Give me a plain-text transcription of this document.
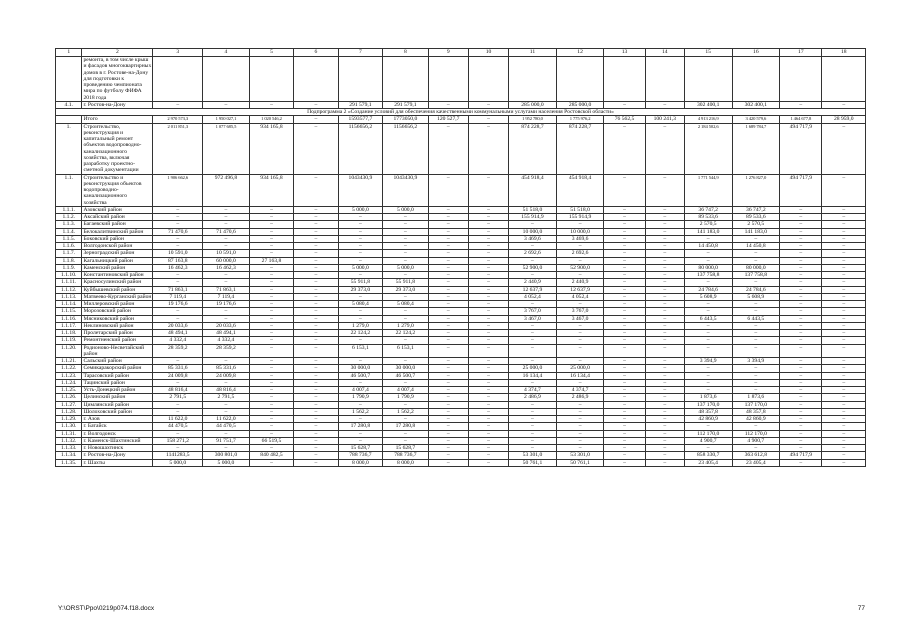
1	2	3	4	5	6	7	8	9	10	11	12	13	14	15	16	17	18
	ремонта, в том числе крыш и фасадов многоквартирных домов в г. Ростове-на-Дону для подготовки к проведению чемпионата мира по футболу ФИФА 2018 года																
4.1.	г. Ростов-на-Дону	–	–	–	–	291 579,1	291 579,1	–	–	285 000,0	285 000,0	–	–	302 400,1	302 400,1	–	–
Подпрограмма 2 «Создание условий для обеспечения качественными коммунальными услугами населения Ростовской области»																	
	Итого	2 970 573,3	1 950 027,1	1 020 546,2	–	1593577,7	1773050,0	120 527,7	–	1 952 780,0	1 775 976,2	76 562,5	100 241,3	4 913 216,9	3 420 579,6	1 464 677,8	28 959,0
1.	Строительство, реконструкция и капитальный ремонт объектов водопроводно-канализационного хозяйства, включая разработку проектно-сметной документации	2 011 851,3	1 077 685,5	934 165,8	–	1156656,2	1156656,2	–	–	874 228,7	874 228,7	–	–	2 184 502,6	1 689 784,7	494 717,9	–
1.1.	Строительство и реконструкция объектов водопроводно-канализационного хозяйства	1 906 662,6	972 496,8	934 165,8	–	1043430,9	1043430,9	–	–	454 918,4	454 918,4	–	–	1 771 544,9	1 276 827,0	494 717,9	–
1.1.1.	Азовский район	–	–	–	–	5 000,0	5 000,0	–	–	51 518,0	51 518,0	–	–	36 747,2	36 747,2	–	–
1.1.2.	Аксайский район	–	–	–	–	–	–	–	–	155 914,9	155 914,9	–	–	89 533,6	89 533,6	–	–
1.1.3.	Багаевский район	–	–	–	–	–	–	–	–	–	–	–	–	2 570,5	2 570,5	–	–
1.1.4.	Белокалитвинский район	71 470,6	71 470,6	–	–	–	–	–	–	10 000,0	10 000,0	–	–	141 183,0	141 183,0	–	–
1.1.5.	Боковский район	–	–	–	–	–	–	–	–	3 469,6	3 469,6	–	–	–	–	–	–
1.1.6.	Волгодонской район	–	–	–	–	–	–	–	–	–	–	–	–	14 450,8	14 450,8	–	–
1.1.7.	Зерноградский район	10 591,0	10 591,0	–	–	–	–	–	–	2 692,6	2 692,6	–	–	–	–	–	–
1.1.8.	Кагальницкий район	87 163,8	60 000,0	27 163,8	–	–	–	–	–	–	–	–	–	–	–	–	–
1.1.9.	Каменский район	16 462,3	16 462,3	–	–	5 000,0	5 000,0	–	–	52 900,0	52 900,0	–	–	80 000,0	80 000,0	–	–
1.1.10.	Константиновский район	–	–	–	–	–	–	–	–	–	–	–	–	137 758,8	137 758,8	–	–
1.1.11.	Красносулинский район	–	–	–	–	55 911,8	55 911,8	–	–	2 440,9	2 440,9	–	–	–	–	–	–
1.1.12.	Куйбышевский район	71 863,1	71 863,1	–	–	29 373,0	29 373,0	–	–	12 637,9	12 637,9	–	–	24 784,6	24 784,6	–	–
1.1.13.	Матвеево-Курганский район	7 119,4	7 119,4	–	–	–	–	–	–	4 052,4	4 052,4	–	–	5 608,9	5 608,9	–	–
1.1.14.	Миллеровский район	19 176,6	19 176,6	–	–	5 080,4	5 080,4	–	–	–	–	–	–	–	–	–	–
1.1.15.	Морозовский район	–	–	–	–	–	–	–	–	3 767,0	3 767,0	–	–	–	–	–	–
1.1.16.	Мясниковский район	–	–	–	–	–	–	–	–	3 467,0	3 467,0	–	–	6 443,5	6 443,5	–	–
1.1.17.	Неклиновский район	20 033,6	20 033,6	–	–	1 279,0	1 279,0	–	–	–	–	–	–	–	–	–	–
1.1.18.	Пролетарский район	48 494,1	48 494,1	–	–	22 124,2	22 124,2	–	–	–	–	–	–	–	–	–	–
1.1.19.	Ремонтненский район	4 332,4	4 332,4	–	–	–	–	–	–	–	–	–	–	–	–	–	–
1.1.20.	Родионово-Несветайский район	28 359,2	28 359,2	–	–	6 153,1	6 153,1	–	–	–	–	–	–	–	–	–	–
1.1.21.	Сальский район	–	–	–	–	–	–	–	–	–	–	–	–	3 394,9	3 394,9	–	–
1.1.22.	Семикаракорский район	85 331,6	85 331,6	–	–	30 000,0	30 000,0	–	–	25 000,0	25 000,0	–	–	–	–	–	–
1.1.23.	Тарасовский район	24 009,8	24 009,8	–	–	46 500,7	46 500,7	–	–	16 134,4	16 134,4	–	–	–	–	–	–
1.1.24.	Тацинский район	–	–	–	–	–	–	–	–	–	–	–	–	–	–	–	–
1.1.25.	Усть-Донецкий район	48 816,4	48 816,4	–	–	4 007,4	4 007,4	–	–	4 374,7	4 374,7	–	–	–	–	–	–
1.1.26.	Целинский район	2 791,5	2 791,5	–	–	1 790,9	1 790,9	–	–	2 486,9	2 486,9	–	–	1 873,6	1 873,6	–	–
1.1.27.	Цимлянский район	–	–	–	–	–	–	–	–	–	–	–	–	137 170,0	137 170,0	–	–
1.1.28.	Шолоховский район	–	–	–	–	1 562,2	1 562,2	–	–	–	–	–	–	48 357,8	48 357,8	–	–
1.1.29.	г. Азов	11 622,0	11 622,0	–	–	–	–	–	–	–	–	–	–	42 860,9	42 860,9	–	–
1.1.30.	г. Батайск	44 470,5	44 470,5	–	–	17 280,8	17 280,8	–	–	–	–	–	–	–	–	–	–
1.1.31.	г. Волгодонск	–	–	–	–	–	–	–	–	–	–	–	–	112 170,0	112 170,0	–	–
1.1.32.	г. Каменск-Шахтинский	158 271,2	91 751,7	66 519,5	–	–	–	–	–	–	–	–	–	4 900,7	4 900,7	–	–
1.1.33.	г. Новошахтинск	–	–	–	–	15 628,7	15 628,7	–	–	–	–	–	–	–	–	–	–
1.1.34.	г. Ростов-на-Дону	1141283,5	300 801,0	840 482,5	–	788 736,7	788 736,7	–	–	53 301,0	53 301,0	–	–	858 330,7	363 612,8	494 717,9	–
1.1.35.	г. Шахты	5 000,0	5 000,0	–	–	8 000,0	8 000,0	–	–	50 761,1	50 761,1	–	–	23 405,4	23 405,4	–	–
Y:\ORST\Ppo\0219p074.f18.docx	77
